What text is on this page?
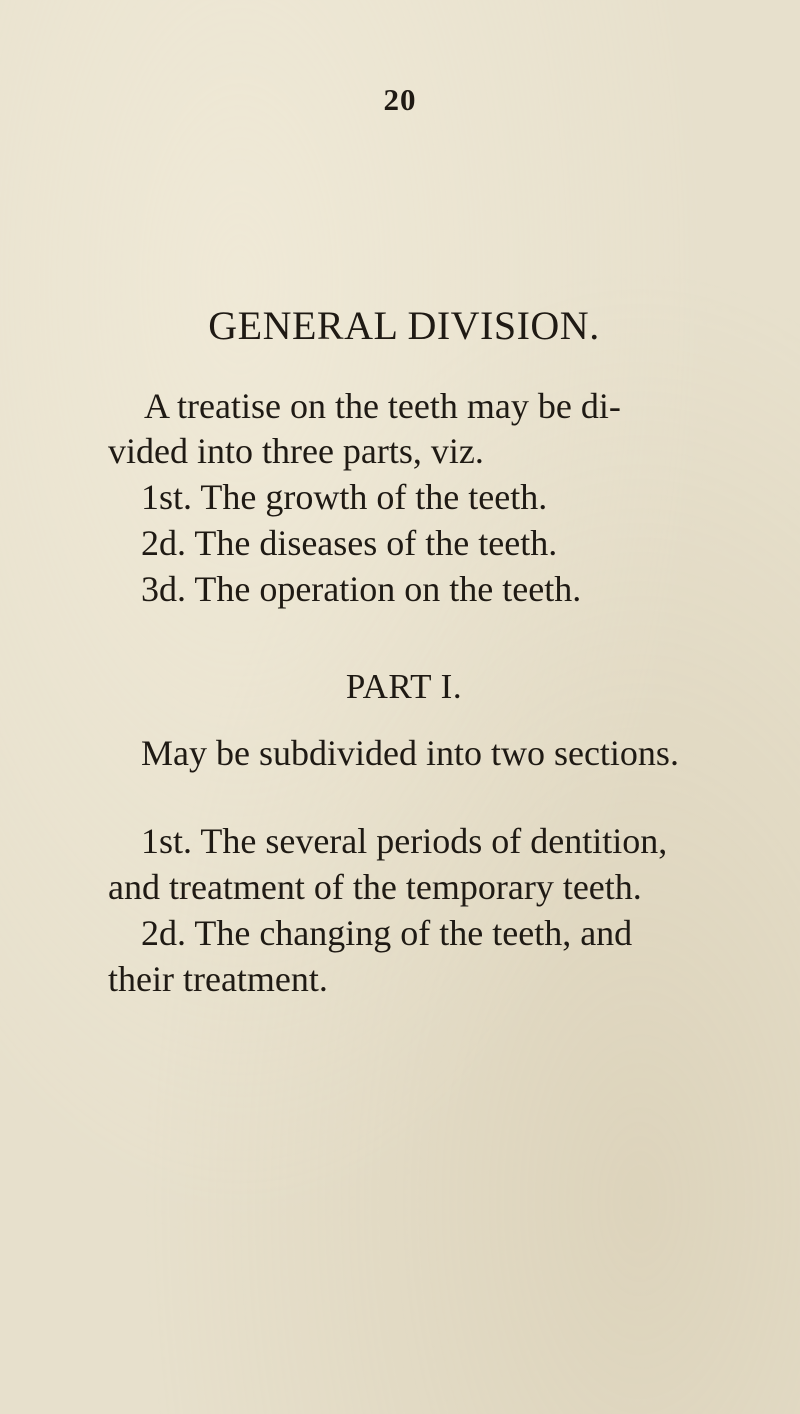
20
GENERAL DIVISION.
A treatise on the teeth may be di-
vided into three parts, viz.
1st. The growth of the teeth.
2d. The diseases of the teeth.
3d. The operation on the teeth.
PART I.
May be subdivided into two sections.
1st. The several periods of dentition,
and treatment of the temporary teeth.
2d. The changing of the teeth, and
their treatment.
